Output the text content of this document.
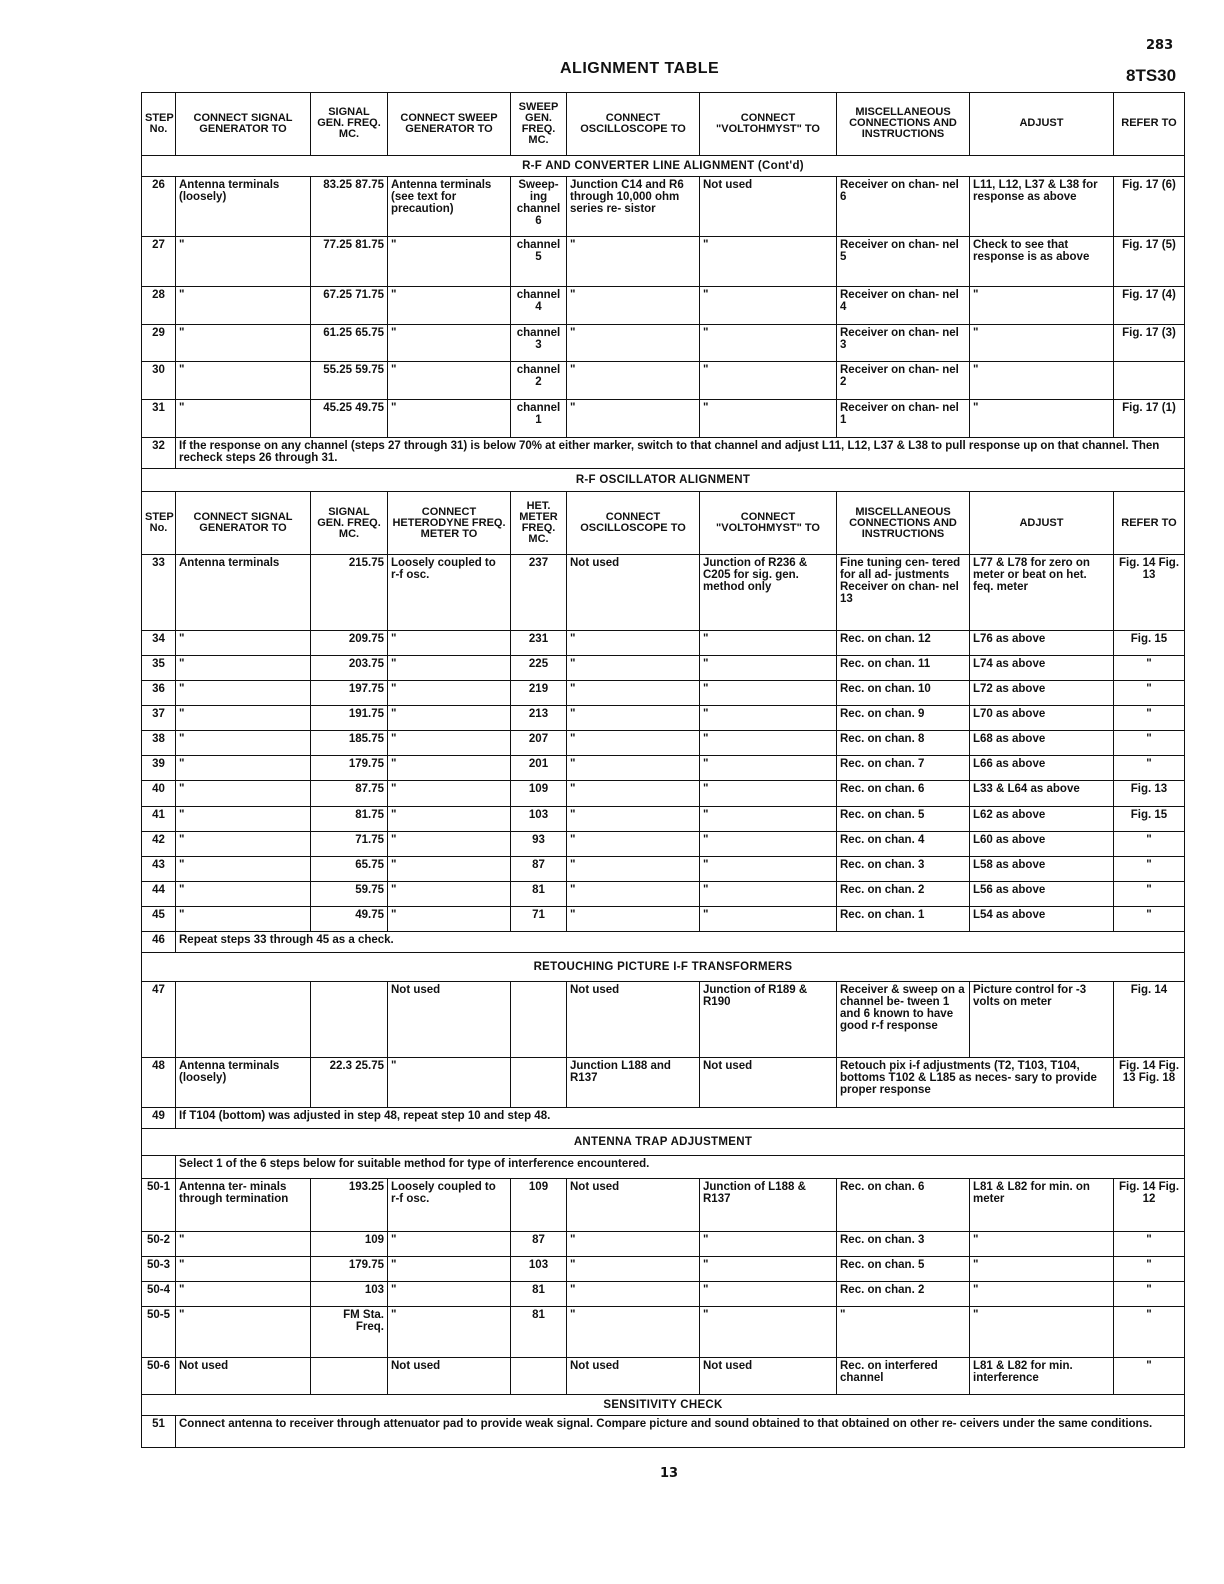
283
ALIGNMENT TABLE	8TS30
STEP No.	CONNECT SIGNAL GENERATOR TO	SIGNAL GEN. FREQ. MC.	CONNECT SWEEP GENERATOR TO	SWEEP GEN. FREQ. MC.	CONNECT OSCILLOSCOPE TO	CONNECT "VOLTOHMYST" TO	MISCELLANEOUS CONNECTIONS AND INSTRUCTIONS	ADJUST	REFER TO
R-F AND CONVERTER LINE ALIGNMENT (Cont'd)									
26	Antenna terminals (loosely)	83.25 87.75	Antenna terminals (see text for precaution)	Sweep- ing channel 6	Junction C14 and R6 through 10,000 ohm series re- sistor	Not used	Receiver on chan- nel 6	L11, L12, L37 & L38 for response as above	Fig. 17 (6)
27	"	77.25 81.75	"	channel 5	"	"	Receiver on chan- nel 5	Check to see that response is as above	Fig. 17 (5)
28	"	67.25 71.75	"	channel 4	"	"	Receiver on chan- nel 4	"	Fig. 17 (4)
29	"	61.25 65.75	"	channel 3	"	"	Receiver on chan- nel 3	"	Fig. 17 (3)
30	"	55.25 59.75	"	channel 2	"	"	Receiver on chan- nel 2	"	
31	"	45.25 49.75	"	channel 1	"	"	Receiver on chan- nel 1	"	Fig. 17 (1)
32	If the response on any channel (steps 27 through 31) is below 70% at either marker, switch to that channel and adjust L11, L12, L37 & L38 to pull response up on that channel. Then recheck steps 26 through 31.								
R-F OSCILLATOR ALIGNMENT									
STEP No.	CONNECT SIGNAL GENERATOR TO	SIGNAL GEN. FREQ. MC.	CONNECT HETERODYNE FREQ. METER TO	HET. METER FREQ. MC.	CONNECT OSCILLOSCOPE TO	CONNECT "VOLTOHMYST" TO	MISCELLANEOUS CONNECTIONS AND INSTRUCTIONS	ADJUST	REFER TO
33	Antenna terminals	215.75	Loosely coupled to r-f osc.	237	Not used	Junction of R236 & C205 for sig. gen. method only	Fine tuning cen- tered for all ad- justments Receiver on chan- nel 13	L77 & L78 for zero on meter or beat on het. feq. meter	Fig. 14 Fig. 13
34	"	209.75	"	231	"	"	Rec. on chan. 12	L76 as above	Fig. 15
35	"	203.75	"	225	"	"	Rec. on chan. 11	L74 as above	"
36	"	197.75	"	219	"	"	Rec. on chan. 10	L72 as above	"
37	"	191.75	"	213	"	"	Rec. on chan. 9	L70 as above	"
38	"	185.75	"	207	"	"	Rec. on chan. 8	L68 as above	"
39	"	179.75	"	201	"	"	Rec. on chan. 7	L66 as above	"
40	"	87.75	"	109	"	"	Rec. on chan. 6	L33 & L64 as above	Fig. 13
41	"	81.75	"	103	"	"	Rec. on chan. 5	L62 as above	Fig. 15
42	"	71.75	"	93	"	"	Rec. on chan. 4	L60 as above	"
43	"	65.75	"	87	"	"	Rec. on chan. 3	L58 as above	"
44	"	59.75	"	81	"	"	Rec. on chan. 2	L56 as above	"
45	"	49.75	"	71	"	"	Rec. on chan. 1	L54 as above	"
46	Repeat steps 33 through 45 as a check.								
RETOUCHING PICTURE I-F TRANSFORMERS									
47			Not used		Not used	Junction of R189 & R190	Receiver & sweep on a channel be- tween 1 and 6 known to have good r-f response	Picture control for -3 volts on meter	Fig. 14
48	Antenna terminals (loosely)	22.3 25.75	"		Junction L188 and R137	Not used	Retouch pix i-f adjustments (T2, T103, T104, bottoms T102 & L185 as neces- sary to provide proper response		Fig. 14 Fig. 13 Fig. 18
49	If T104 (bottom) was adjusted in step 48, repeat step 10 and step 48.								
ANTENNA TRAP ADJUSTMENT									
	Select 1 of the 6 steps below for suitable method for type of interference encountered.								
50-1	Antenna ter- minals through termination	193.25	Loosely coupled to r-f osc.	109	Not used	Junction of L188 & R137	Rec. on chan. 6	L81 & L82 for min. on meter	Fig. 14 Fig. 12
50-2	"	109	"	87	"	"	Rec. on chan. 3	"	"
50-3	"	179.75	"	103	"	"	Rec. on chan. 5	"	"
50-4	"	103	"	81	"	"	Rec. on chan. 2	"	"
50-5	"	FM Sta. Freq.	"	81	"	"	"	"	"
50-6	Not used		Not used		Not used	Not used	Rec. on interfered channel	L81 & L82 for min. interference	"
SENSITIVITY CHECK									
51	Connect antenna to receiver through attenuator pad to provide weak signal. Compare picture and sound obtained to that obtained on other re- ceivers under the same conditions.								
13
